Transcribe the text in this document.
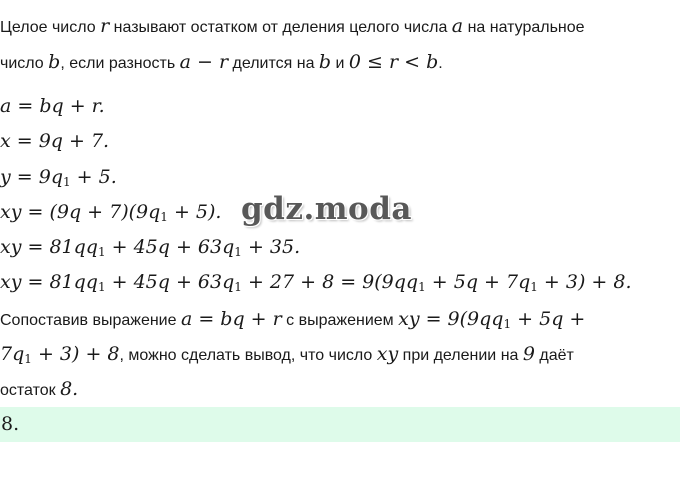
Целое число r называют остатком от деления целого числа a на натуральное
число b, если разность a − r делится на b и 0 ≤ r < b.
a = bq + r.
x = 9q + 7.
$y = 9q_1 + 5$.
xy = $(9q + 7)(9q_1 + 5)$.
xy = $81qq_1 + 45q + 63q_1 + 35$.
xy = $81qq_1 + 45q + 63q_1 + 27 + 8 = 9(9qq_1 + 5q + 7q_1 + 3) + 8$.
Сопоставив выражение a = bq + r с выражением xy = $9(9qq_1 + 5q$ +
$7q_1 + 3) + 8$, можно сделать вывод, что число xy при делении на 9 даёт
остаток 8.
gdz.moda
8.
